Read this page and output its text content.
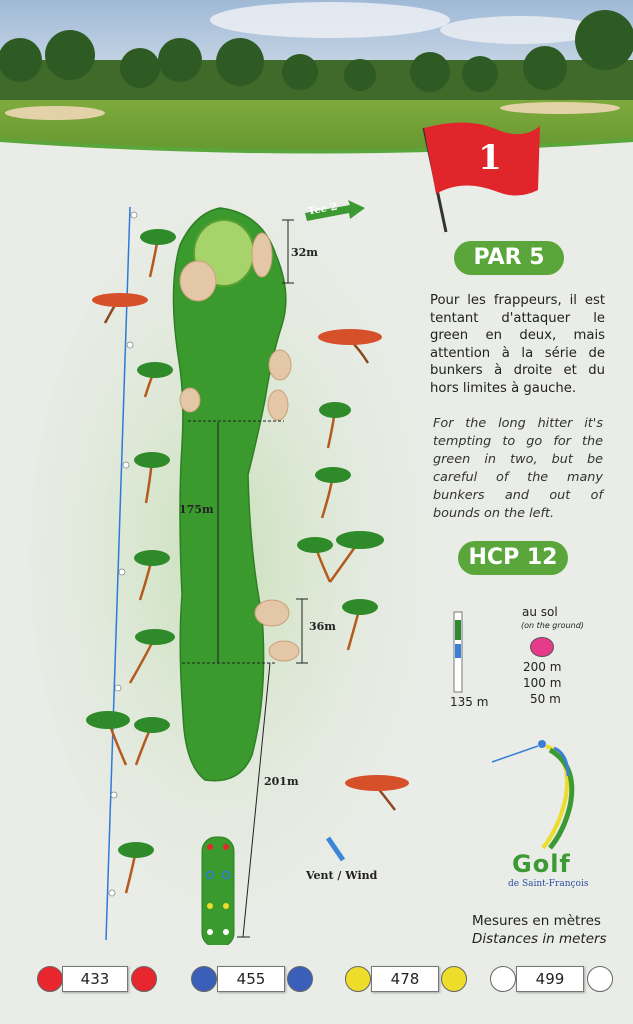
1
Tee 2
32m
175m
36m
201m
Vent / Wind
PAR 5
Pour les frappeurs, il est tentant d'attaquer le green en deux, mais attention à la série de bunkers à droite et du hors limites à gauche.
For the long hitter it's tempting to go for the green in two, but be careful of the many bunkers and out of bounds on the left.
HCP 12
au sol
(on the ground)
200 m
100 m
50 m
135 m
Golf
de Saint-François
Mesures en mètres
Distances in meters
433	455	478	499
